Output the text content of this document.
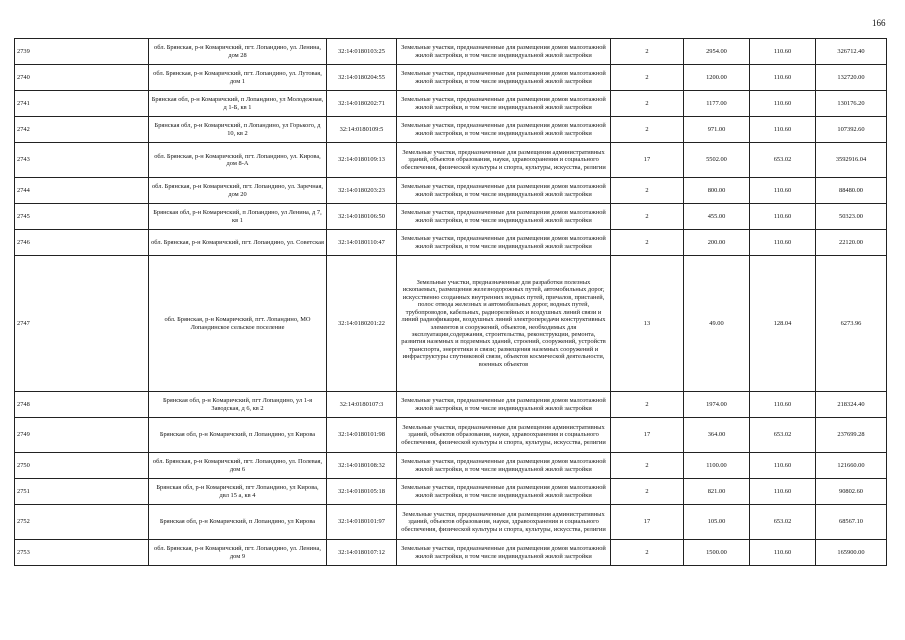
166
2739	обл. Брянская, р-н Комаричский, пгт. Лопандино, ул. Ленина, дом 28	32:14:0180103:25	Земельные участки, предназначенные для размещения домов малоэтажной жилой застройки, в том числе индивидуальной жилой застройки	2	2954.00	110.60	326712.40
2740	обл. Брянская, р-н Комаричский, пгт. Лопандино, ул. Лутовая, дом 1	32:14:0180204:55	Земельные участки, предназначенные для размещения домов малоэтажной жилой застройки, в том числе индивидуальной жилой застройки	2	1200.00	110.60	132720.00
2741	Брянская обл, р-н Комаричский, п Лопандино, ул Молодежная, д 1-Б, кв 1	32:14:0180202:71	Земельные участки, предназначенные для размещения домов малоэтажной жилой застройки, в том числе индивидуальной жилой застройки	2	1177.00	110.60	130176.20
2742	Брянская обл, р-н Комаричский, п Лопандино, ул Горького, д 10, кв 2	32:14:0180109:5	Земельные участки, предназначенные для размещения домов малоэтажной жилой застройки, в том числе индивидуальной жилой застройки	2	971.00	110.60	107392.60
2743	обл. Брянская, р-н Комаричский, пгт. Лопандино, ул. Кирова, дом 8-А	32:14:0180109:13	Земельные участки, предназначенные для размещения административных зданий, объектов образования, науки, здравоохранения и социального обеспечения, физической культуры и спорта, культуры, искусства, религии	17	5502.00	653.02	3592916.04
2744	обл. Брянская, р-н Комаричский, пгт. Лопандино, ул. Заречная, дом 20	32:14:0180203:23	Земельные участки, предназначенные для размещения домов малоэтажной жилой застройки, в том числе индивидуальной жилой застройки	2	800.00	110.60	88480.00
2745	Брянская обл, р-н Комаричский, п Лопандино, ул Ленина, д 7, кв 1	32:14:0180106:50	Земельные участки, предназначенные для размещения домов малоэтажной жилой застройки, в том числе индивидуальной жилой застройки	2	455.00	110.60	50323.00
2746	обл. Брянская, р-н Комаричский, пгт. Лопандино, ул. Советская	32:14:0180110:47	Земельные участки, предназначенные для размещения домов малоэтажной жилой застройки, в том числе индивидуальной жилой застройки	2	200.00	110.60	22120.00
2747	обл. Брянская, р-н Комаричский, пгт. Лопандино, МО Лопандинское сельское поселение	32:14:0180201:22	Земельные участки, предназначенные для разработки полезных ископаемых, размещения железнодорожных путей, автомобильных дорог, искусственно созданных внутренних водных путей, причалов, пристаней, полос отвода железных и автомобильных дорог, водных путей, трубопроводов, кабельных, радиорелейных и воздушных линий связи и линий радиофикации, воздушных линий электропередачи конструктивных элементов и сооружений, объектов, необходимых для эксплуатации,содержания, строительства, реконструкции, ремонта, развития наземных и подземных зданий, строений, сооружений, устройств транспорта, энергетики и связи; размещения наземных сооружений и инфраструктуры спутниковой связи, объектов космической деятельности, военных объектов	13	49.00	128.04	6273.96
2748	Брянская обл, р-н Комаричский, пгт Лопандино, ул 1-я Заводская, д 6, кв 2	32:14:0180107:3	Земельные участки, предназначенные для размещения домов малоэтажной жилой застройки, в том числе индивидуальной жилой застройки	2	1974.00	110.60	218324.40
2749	Брянская обл, р-н Комаричский, п Лопандино, ул Кирова	32:14:0180101:98	Земельные участки, предназначенные для размещения административных зданий, объектов образования, науки, здравоохранения и социального обеспечения, физической культуры и спорта, культуры, искусства, религии	17	364.00	653.02	237699.28
2750	обл. Брянская, р-н Комаричский, пгт. Лопандино, ул. Полевая, дом 6	32:14:0180108:32	Земельные участки, предназначенные для размещения домов малоэтажной жилой застройки, в том числе индивидуальной жилой застройки	2	1100.00	110.60	121660.00
2751	Брянская обл, р-н Комаричский, пгт Лопандино, ул Кирова, двл 15 а, кв 4	32:14:0180105:18	Земельные участки, предназначенные для размещения домов малоэтажной жилой застройки, в том числе индивидуальной жилой застройки	2	821.00	110.60	90802.60
2752	Брянская обл, р-н Комаричский, п Лопандино, ул Кирова	32:14:0180101:97	Земельные участки, предназначенные для размещения административных зданий, объектов образования, науки, здравоохранения и социального обеспечения, физической культуры и спорта, культуры, искусства, религии	17	105.00	653.02	68567.10
2753	обл. Брянская, р-н Комаричский, пгт. Лопандино, ул. Ленина, дом 9	32:14:0180107:12	Земельные участки, предназначенные для размещения домов малоэтажной жилой застройки, в том числе индивидуальной жилой застройки	2	1500.00	110.60	165900.00
